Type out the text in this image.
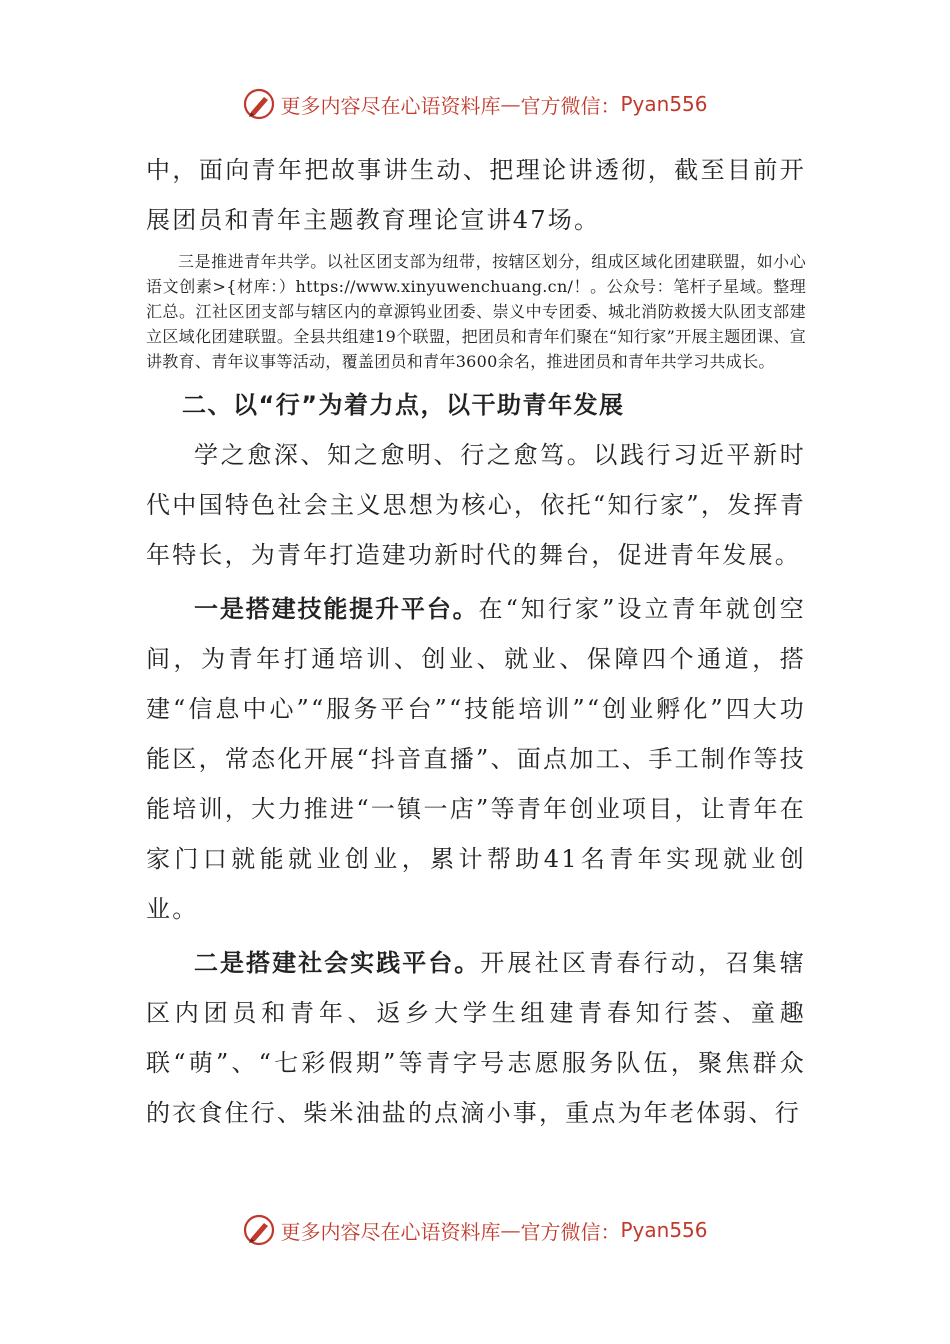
更多内容尽在心语资料库 — 官方微信： Pyan556

中，面向青年把故事讲生动、把理论讲透彻，截至目前开展团员和青年主题教育理论宣讲47场。

三是推进青年共学。以社区团支部为纽带，按辖区划分，组成区域化团建联盟，如小心语文创素>{材库：）https://www.xinyuwenchuang.cn/！。公众号：笔杆子星域。整理汇总。江社区团支部与辖区内的章源钨业团委、崇义中专团委、城北消防救援大队团支部建立区域化团建联盟。全县共组建19个联盟，把团员和青年们聚在“知行家”开展主题团课、宣讲教育、青年议事等活动，覆盖团员和青年3600余名，推进团员和青年共学习共成长。

二、以“行”为着力点，以干助青年发展

学之愈深、知之愈明、行之愈笃。以践行习近平新时代中国特色社会主义思想为核心，依托“知行家”，发挥青年特长，为青年打造建功新时代的舞台，促进青年发展。

一是搭建技能提升平台。在“知行家”设立青年就创空间，为青年打通培训、创业、就业、保障四个通道，搭建“信息中心”“服务平台”“技能培训”“创业孵化”四大功能区，常态化开展“抖音直播”、面点加工、手工制作等技能培训，大力推进“一镇一店”等青年创业项目，让青年在家门口就能就业创业，累计帮助41名青年实现就业创业。

二是搭建社会实践平台。开展社区青春行动，召集辖区内团员和青年、返乡大学生组建青春知行荟、童趣联“萌”、“七彩假期”等青字号志愿服务队伍，聚焦群众的衣食住行、柴米油盐的点滴小事，重点为年老体弱、行

更多内容尽在心语资料库 — 官方微信： Pyan556
